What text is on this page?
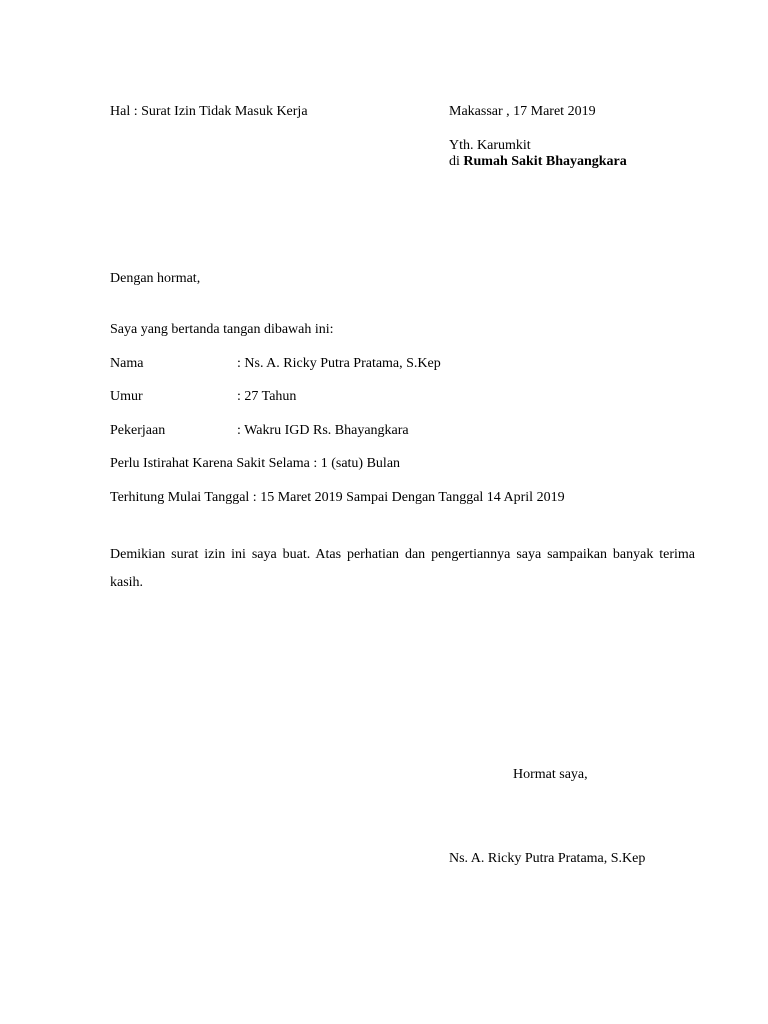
Hal : Surat Izin Tidak Masuk Kerja	Makassar , 17 Maret 2019
Yth. Karumkit
di Rumah Sakit Bhayangkara
Dengan hormat,
Saya yang bertanda tangan dibawah ini:
Nama	: Ns. A. Ricky Putra Pratama, S.Kep
Umur	: 27 Tahun
Pekerjaan	: Wakru IGD Rs. Bhayangkara
Perlu Istirahat Karena Sakit Selama : 1 (satu) Bulan
Terhitung Mulai Tanggal : 15 Maret 2019 Sampai Dengan Tanggal 14 April 2019
Demikian surat izin ini saya buat. Atas perhatian dan pengertiannya saya sampaikan banyak terima kasih.
Hormat saya,
Ns. A. Ricky Putra Pratama, S.Kep
